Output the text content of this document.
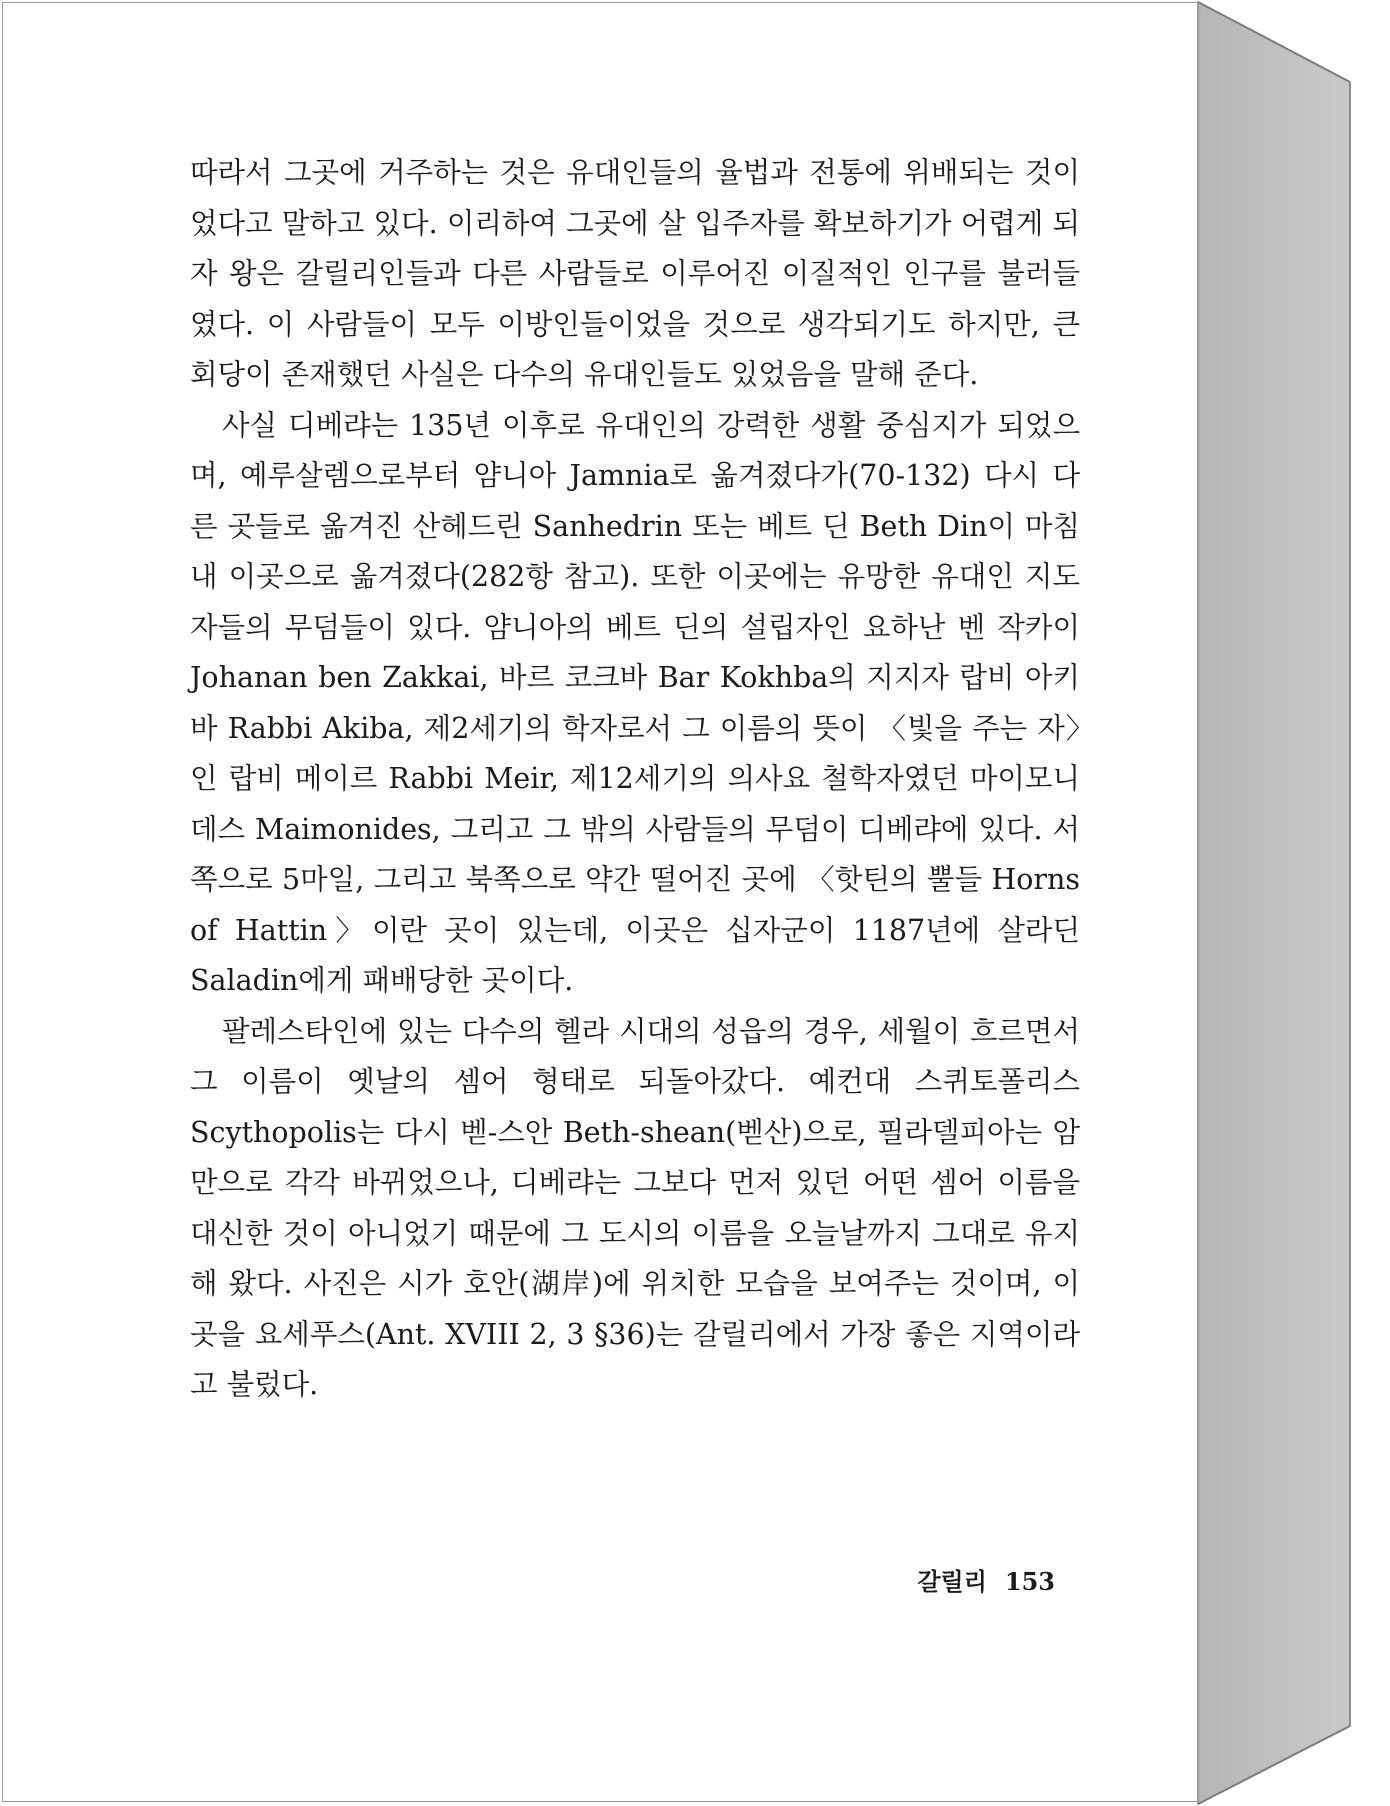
따라서 그곳에 거주하는 것은 유대인들의 율법과 전통에 위배되는 것이었다고 말하고 있다. 이리하여 그곳에 살 입주자를 확보하기가 어렵게 되자 왕은 갈릴리인들과 다른 사람들로 이루어진 이질적인 인구를 불러들였다. 이 사람들이 모두 이방인들이었을 것으로 생각되기도 하지만, 큰 회당이 존재했던 사실은 다수의 유대인들도 있었음을 말해 준다.

사실 디베랴는 135년 이후로 유대인의 강력한 생활 중심지가 되었으며, 예루살렘으로부터 얌니아 Jamnia로 옮겨졌다가(70-132) 다시 다른 곳들로 옮겨진 산헤드린 Sanhedrin 또는 베트 딘 Beth Din이 마침내 이곳으로 옮겨졌다(282항 참고). 또한 이곳에는 유망한 유대인 지도자들의 무덤들이 있다. 얌니아의 베트 딘의 설립자인 요하난 벤 작카이 Johanan ben Zakkai, 바르 코크바 Bar Kokhba의 지지자 랍비 아키바 Rabbi Akiba, 제2세기의 학자로서 그 이름의 뜻이 〈빛을 주는 자〉인 랍비 메이르 Rabbi Meir, 제12세기의 의사요 철학자였던 마이모니데스 Maimonides, 그리고 그 밖의 사람들의 무덤이 디베랴에 있다. 서쪽으로 5마일, 그리고 북쪽으로 약간 떨어진 곳에 〈핫틴의 뿔들 Horns of Hattin〉이란 곳이 있는데, 이곳은 십자군이 1187년에 살라딘 Saladin에게 패배당한 곳이다.

팔레스타인에 있는 다수의 헬라 시대의 성읍의 경우, 세월이 흐르면서 그 이름이 옛날의 셈어 형태로 되돌아갔다. 예컨대 스퀴토폴리스 Scythopolis는 다시 벧-스안 Beth-shean(벧산)으로, 필라델피아는 암만으로 각각 바뀌었으나, 디베랴는 그보다 먼저 있던 어떤 셈어 이름을 대신한 것이 아니었기 때문에 그 도시의 이름을 오늘날까지 그대로 유지해 왔다. 사진은 시가 호안(湖岸)에 위치한 모습을 보여주는 것이며, 이곳을 요세푸스(Ant. XVIII 2, 3 §36)는 갈릴리에서 가장 좋은 지역이라고 불렀다.

갈릴리 153
